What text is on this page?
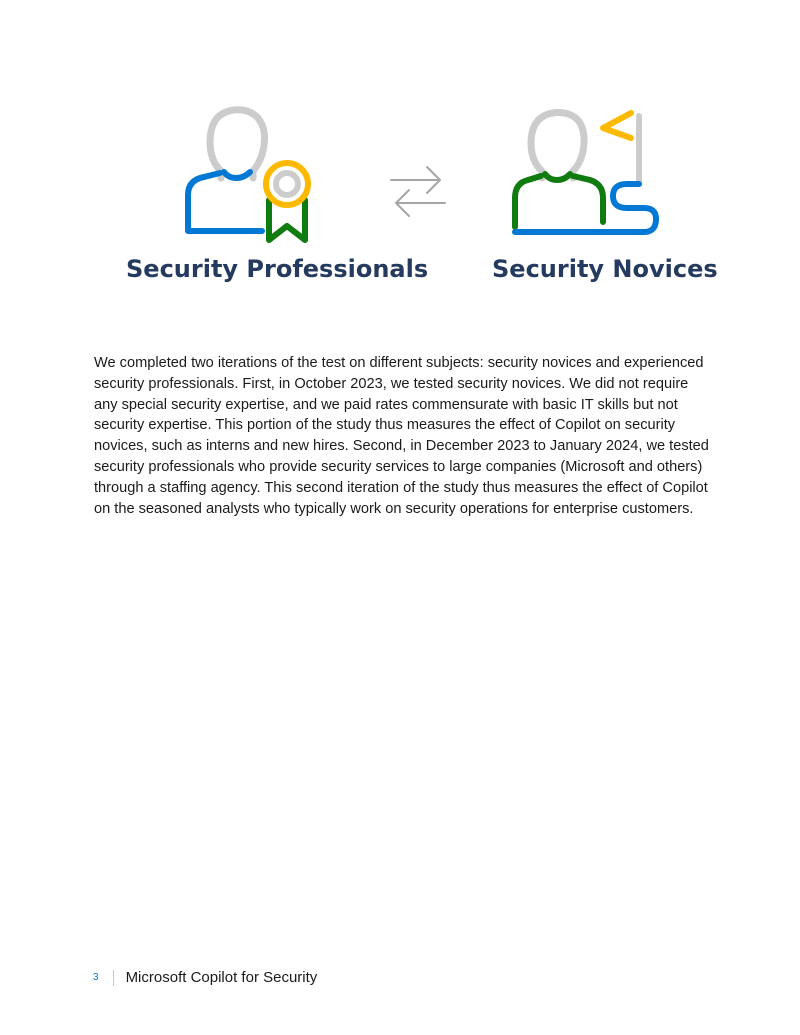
Security Professionals	Security Novices

We completed two iterations of the test on different subjects: security novices and experienced security professionals. First, in October 2023, we tested security novices. We did not require any special security expertise, and we paid rates commensurate with basic IT skills but not security expertise. This portion of the study thus measures the effect of Copilot on security novices, such as interns and new hires. Second, in December 2023 to January 2024, we tested security professionals who provide security services to large companies (Microsoft and others) through a staffing agency. This second iteration of the study thus measures the effect of Copilot on the seasoned analysts who typically work on security operations for enterprise customers.

3 Microsoft Copilot for Security
